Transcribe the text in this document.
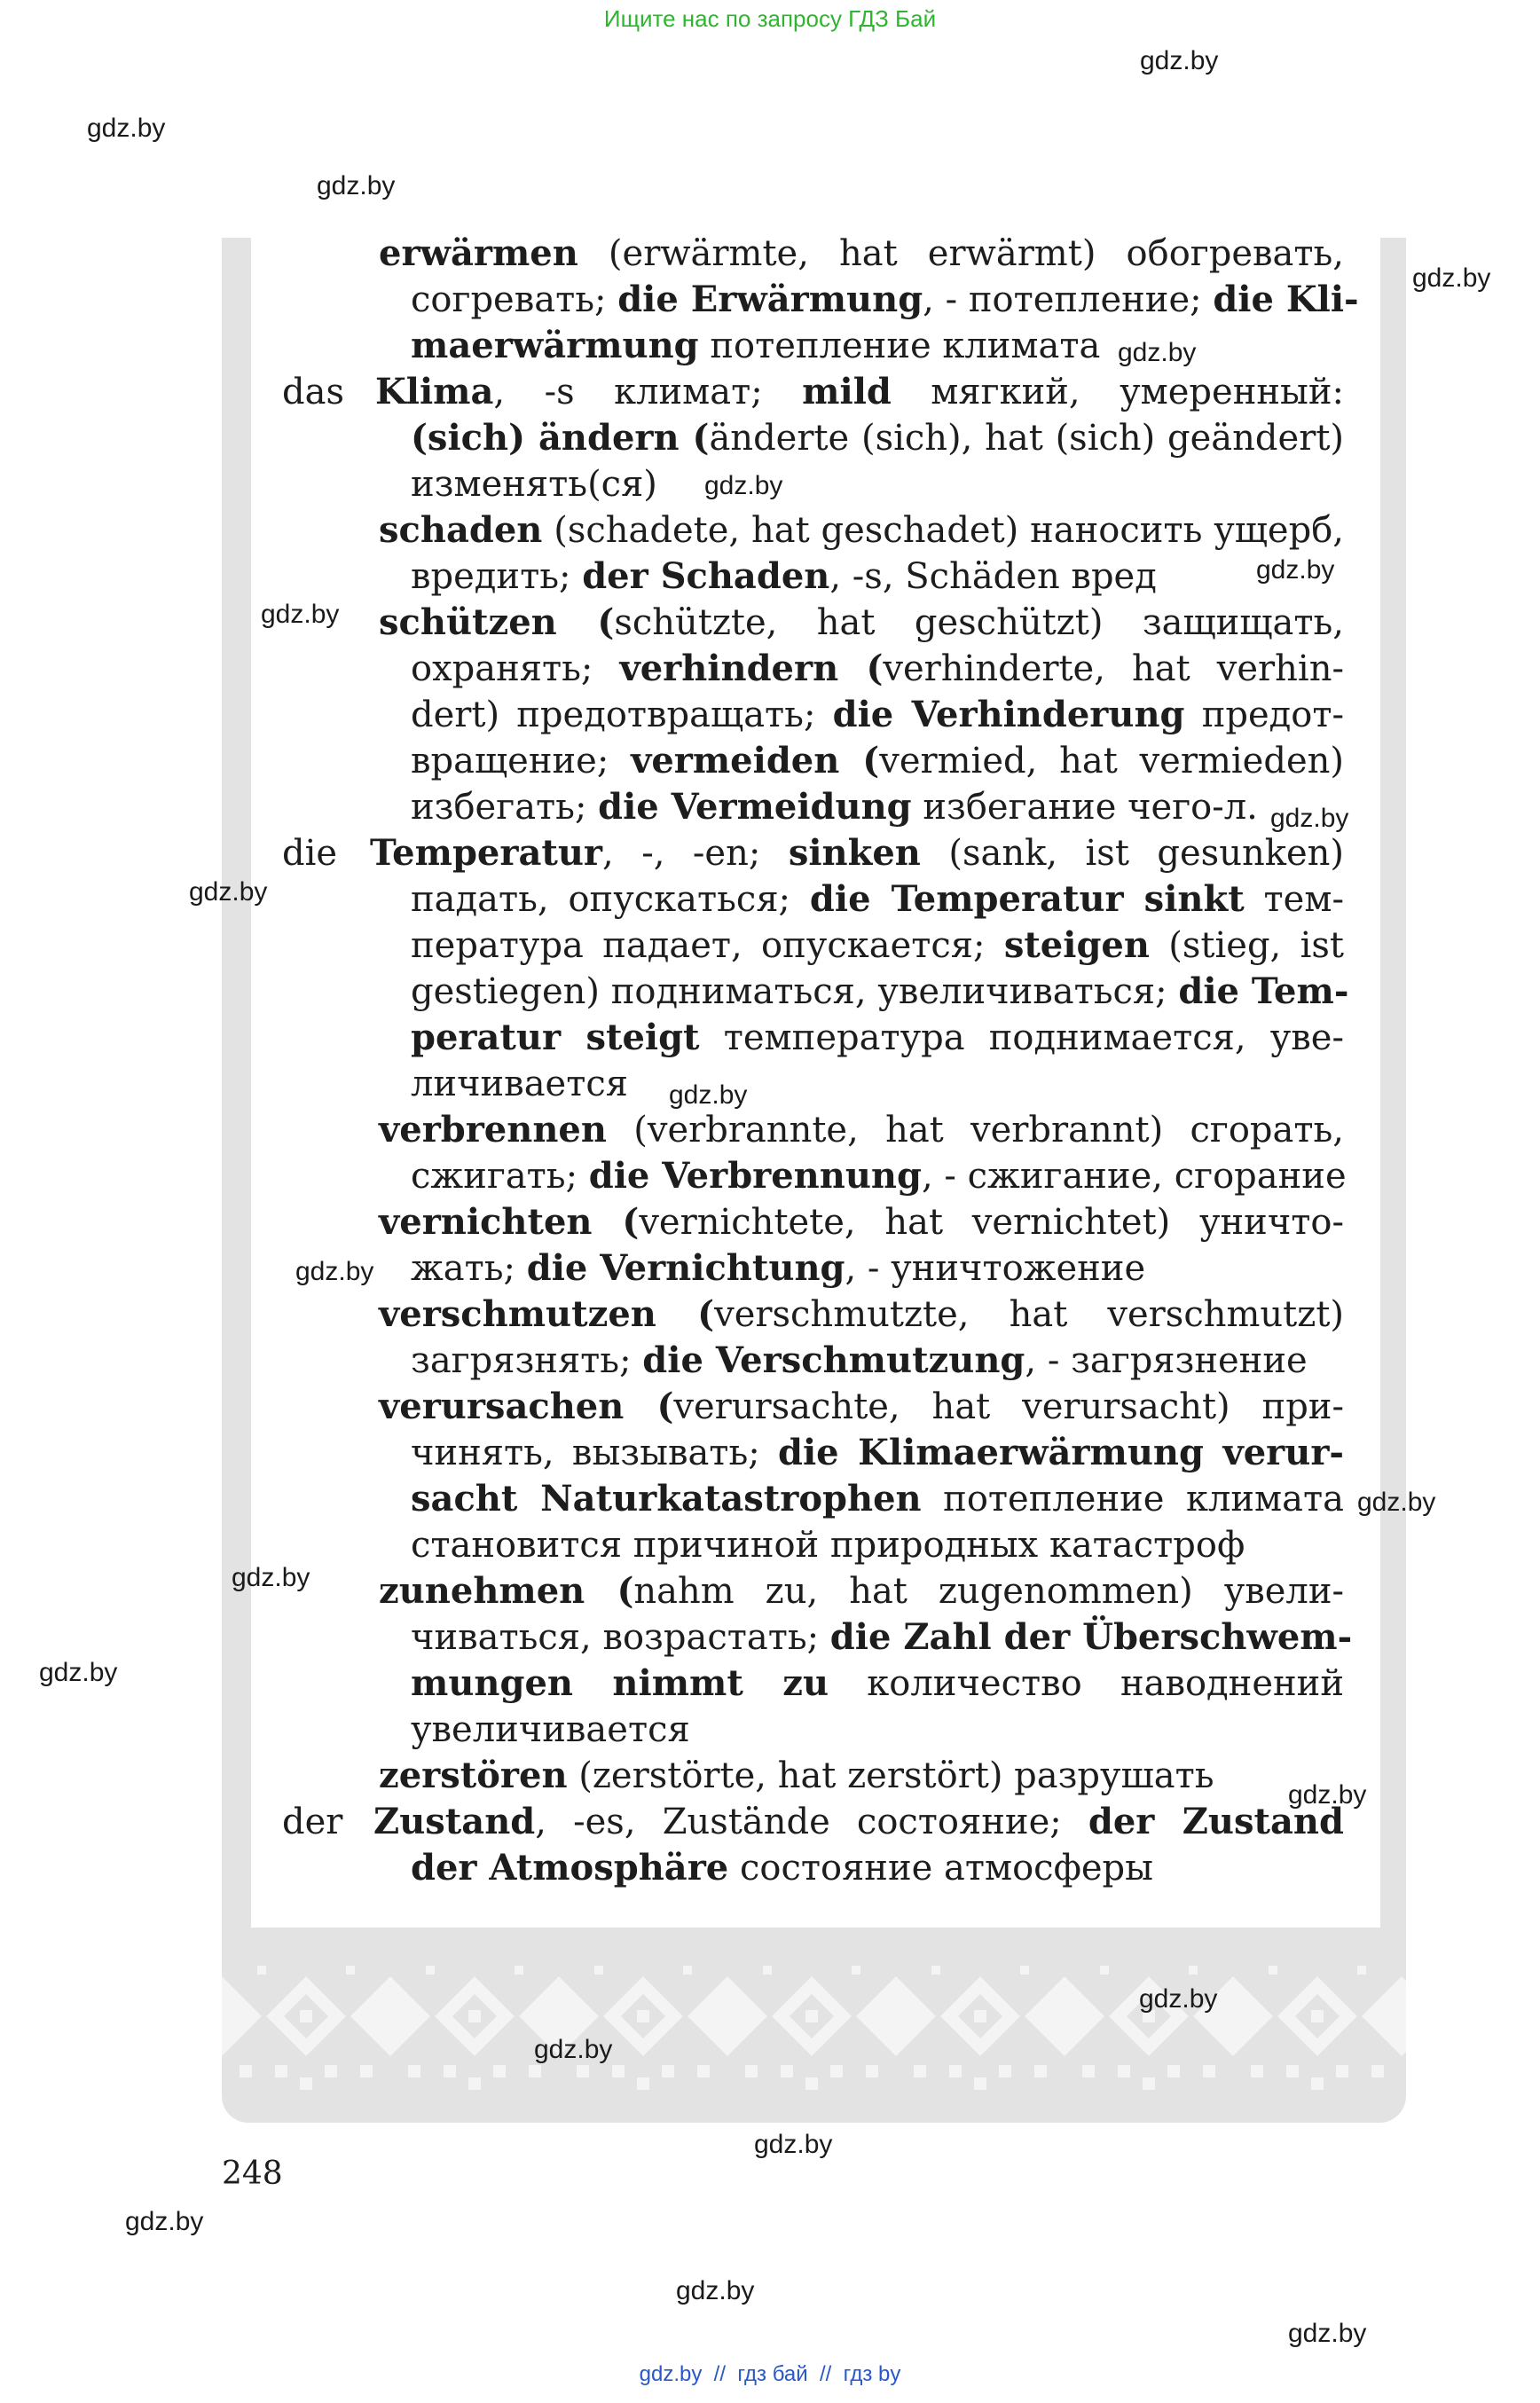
Ищите нас по запросу ГДЗ Бай
erwärmen (erwärmte, hat erwärmt) обогревать,
согревать; die Erwärmung, - потепление; die Kli-
maerwärmung потепление климата
das Klima, -s климат; mild мягкий, умеренный:
(sich) ändern (änderte (sich), hat (sich) geändert)
изменять(ся)
schaden (schadete, hat geschadet) наносить ущерб,
вредить; der Schaden, -s, Schäden вред
schützen (schützte, hat geschützt) защищать,
охранять; verhindern (verhinderte, hat verhin-
dert) предотвращать; die Verhinderung предот-
вращение; vermeiden (vermied, hat vermieden)
избегать; die Vermeidung избегание чего-л.
die Temperatur, -, -en; sinken (sank, ist gesunken)
падать, опускаться; die Temperatur sinkt тем-
пература падает, опускается; steigen (stieg, ist
gestiegen) подниматься, увеличиваться; die Tem-
peratur steigt температура поднимается, уве-
личивается
verbrennen (verbrannte, hat verbrannt) сгорать,
сжигать; die Verbrennung, - сжигание, сгорание
vernichten (vernichtete, hat vernichtet) уничто-
жать; die Vernichtung, - уничтожение
verschmutzen (verschmutzte, hat verschmutzt)
загрязнять; die Verschmutzung, - загрязнение
verursachen (verursachte, hat verursacht) при-
чинять, вызывать; die Klimaerwärmung verur-
sacht Naturkatastrophen потепление климата
становится причиной природных катастроф
zunehmen (nahm zu, hat zugenommen) увели-
чиваться, возрастать; die Zahl der Überschwem-
mungen nimmt zu количество наводнений
увеличивается
zerstören (zerstörte, hat zerstört) разрушать
der Zustand, -es, Zustände состояние; der Zustand
der Atmosphäre состояние атмосферы
248
gdz.by
gdz.by
gdz.by
gdz.by
gdz.by
gdz.by
gdz.by
gdz.by
gdz.by
gdz.by
gdz.by
gdz.by
gdz.by
gdz.by
gdz.by
gdz.by
gdz.by
gdz.by
gdz.by
gdz.by
gdz.by
gdz.by
gdz.by  //  гдз бай  //  гдз by
